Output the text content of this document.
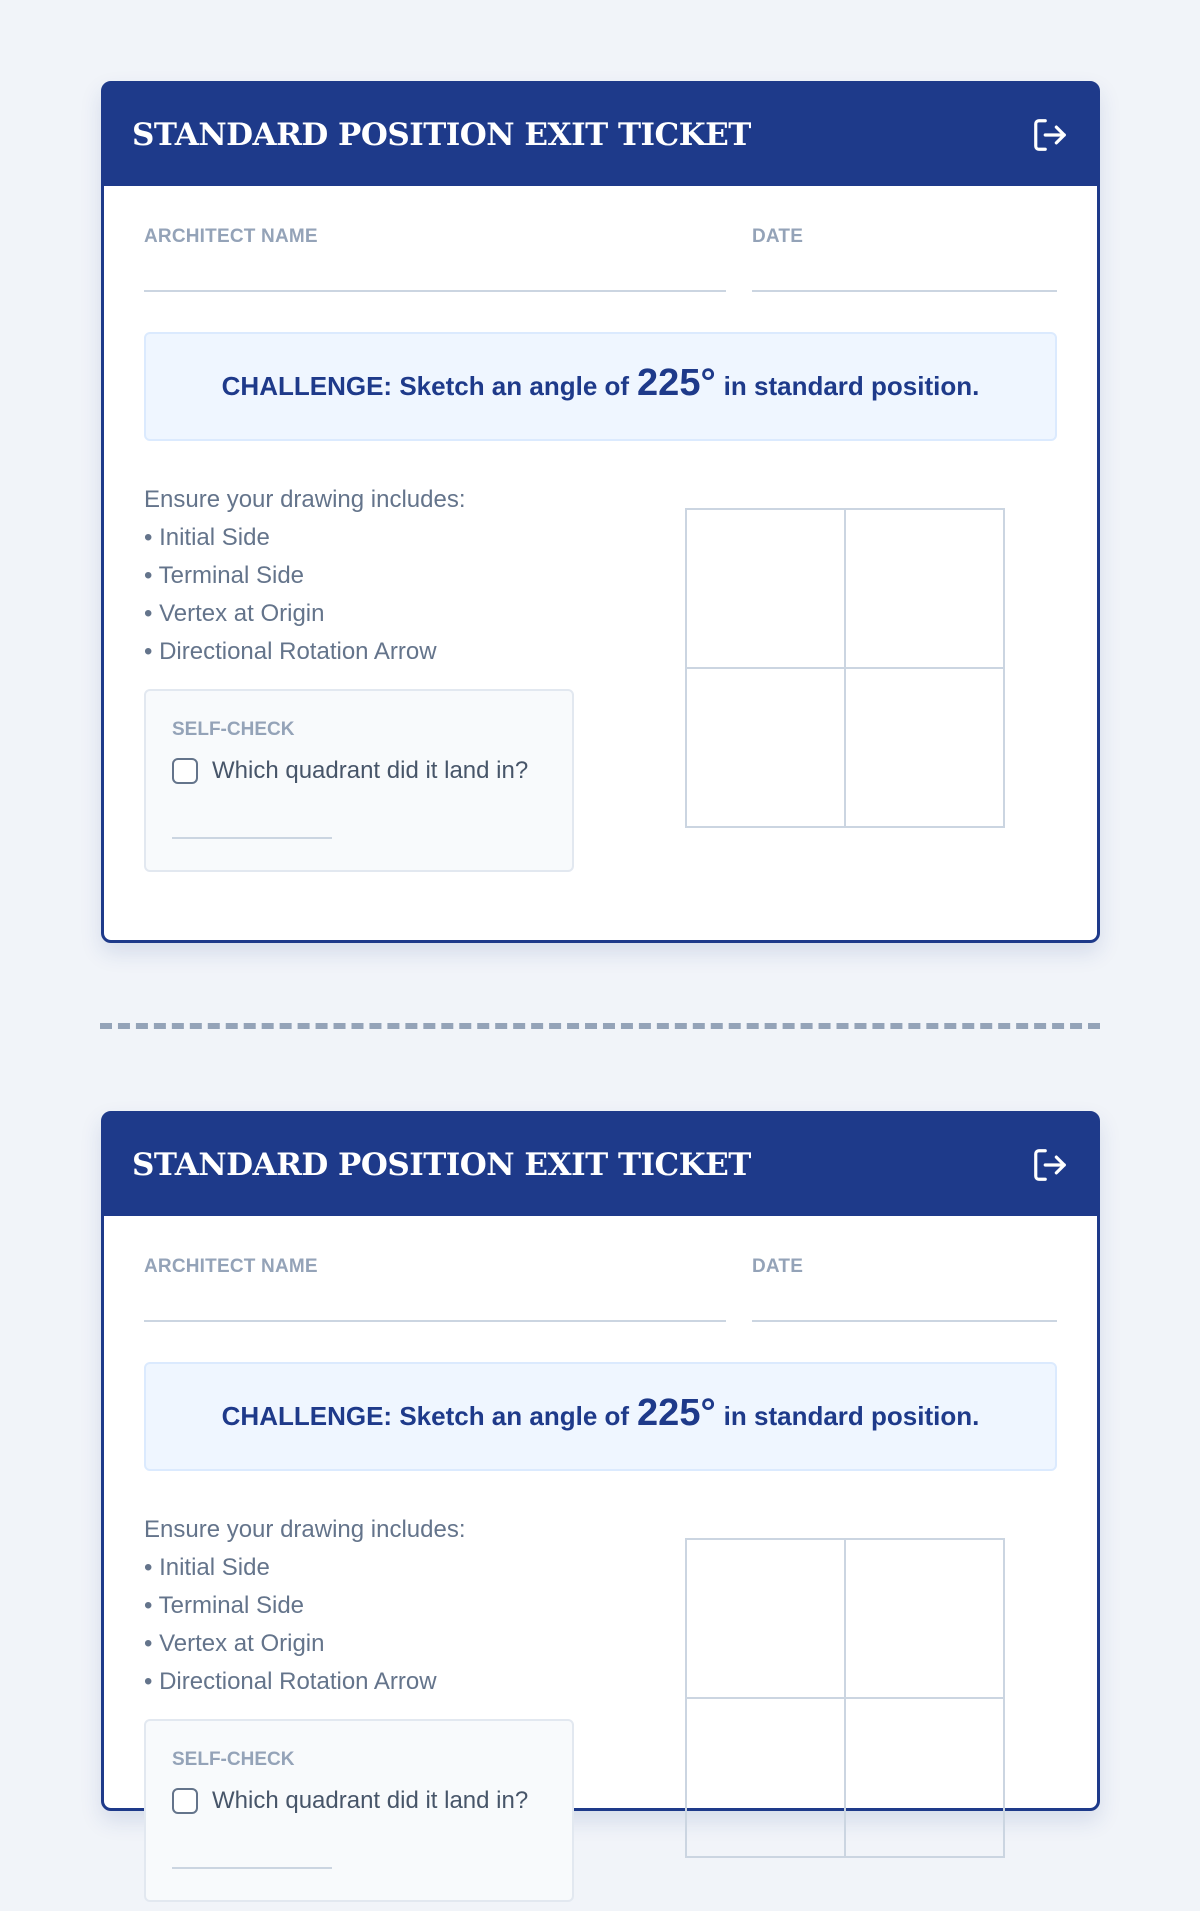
STANDARD POSITION EXIT TICKET
ARCHITECT NAME	DATE
CHALLENGE: Sketch an angle of 225° in standard position.
Ensure your drawing includes:
• Initial Side
• Terminal Side
• Vertex at Origin
• Directional Rotation Arrow
SELF-CHECK
Which quadrant did it land in?
STANDARD POSITION EXIT TICKET
ARCHITECT NAME	DATE
CHALLENGE: Sketch an angle of 225° in standard position.
Ensure your drawing includes:
• Initial Side
• Terminal Side
• Vertex at Origin
• Directional Rotation Arrow
SELF-CHECK
Which quadrant did it land in?
